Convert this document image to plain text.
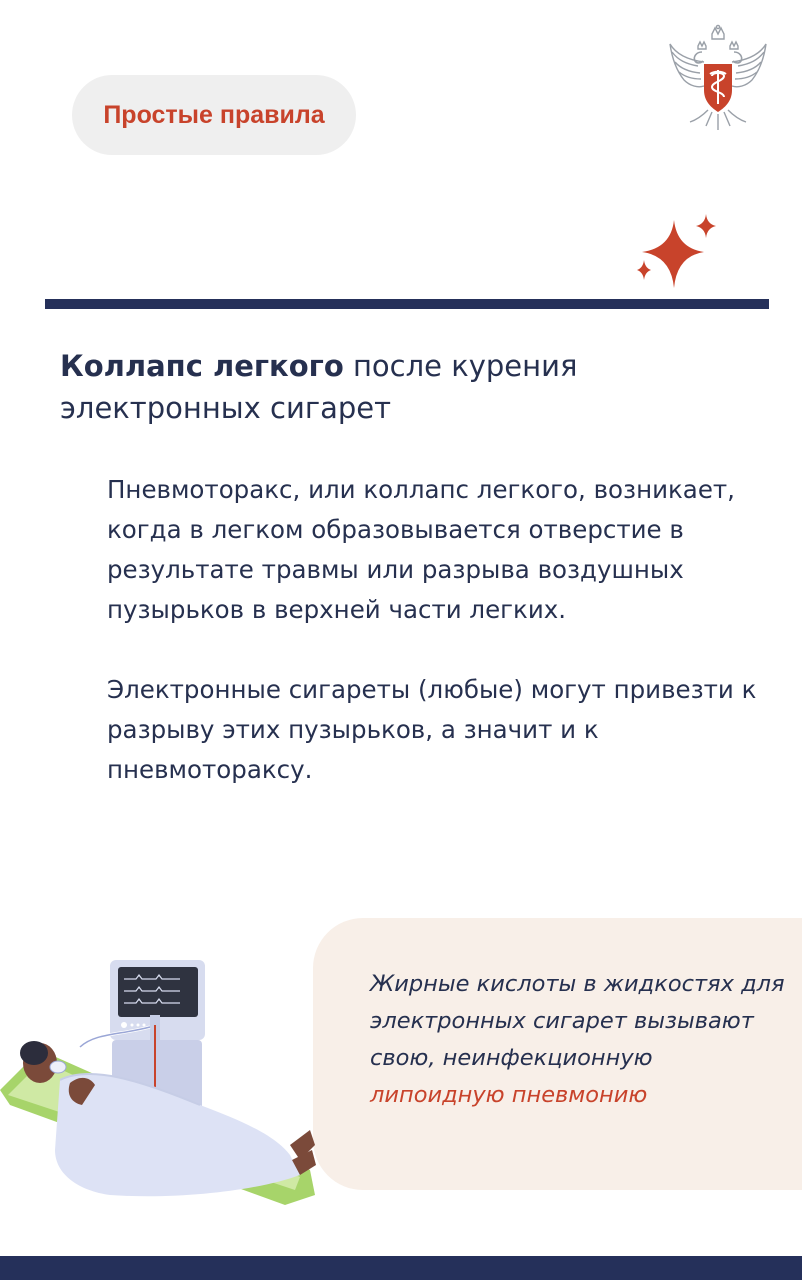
Простые правила
Коллапс легкого после курения электронных сигарет

Пневмоторакс, или коллапс легкого, возникает, когда в легком образовывается отверстие в результате травмы или разрыва воздушных пузырьков в верхней части легких.

Электронные сигареты (любые) могут привезти к разрыву этих пузырьков, а значит и к пневмотораксу.

Жирные кислоты в жидкостях для электронных сигарет вызывают свою, неинфекционную липоидную пневмонию
